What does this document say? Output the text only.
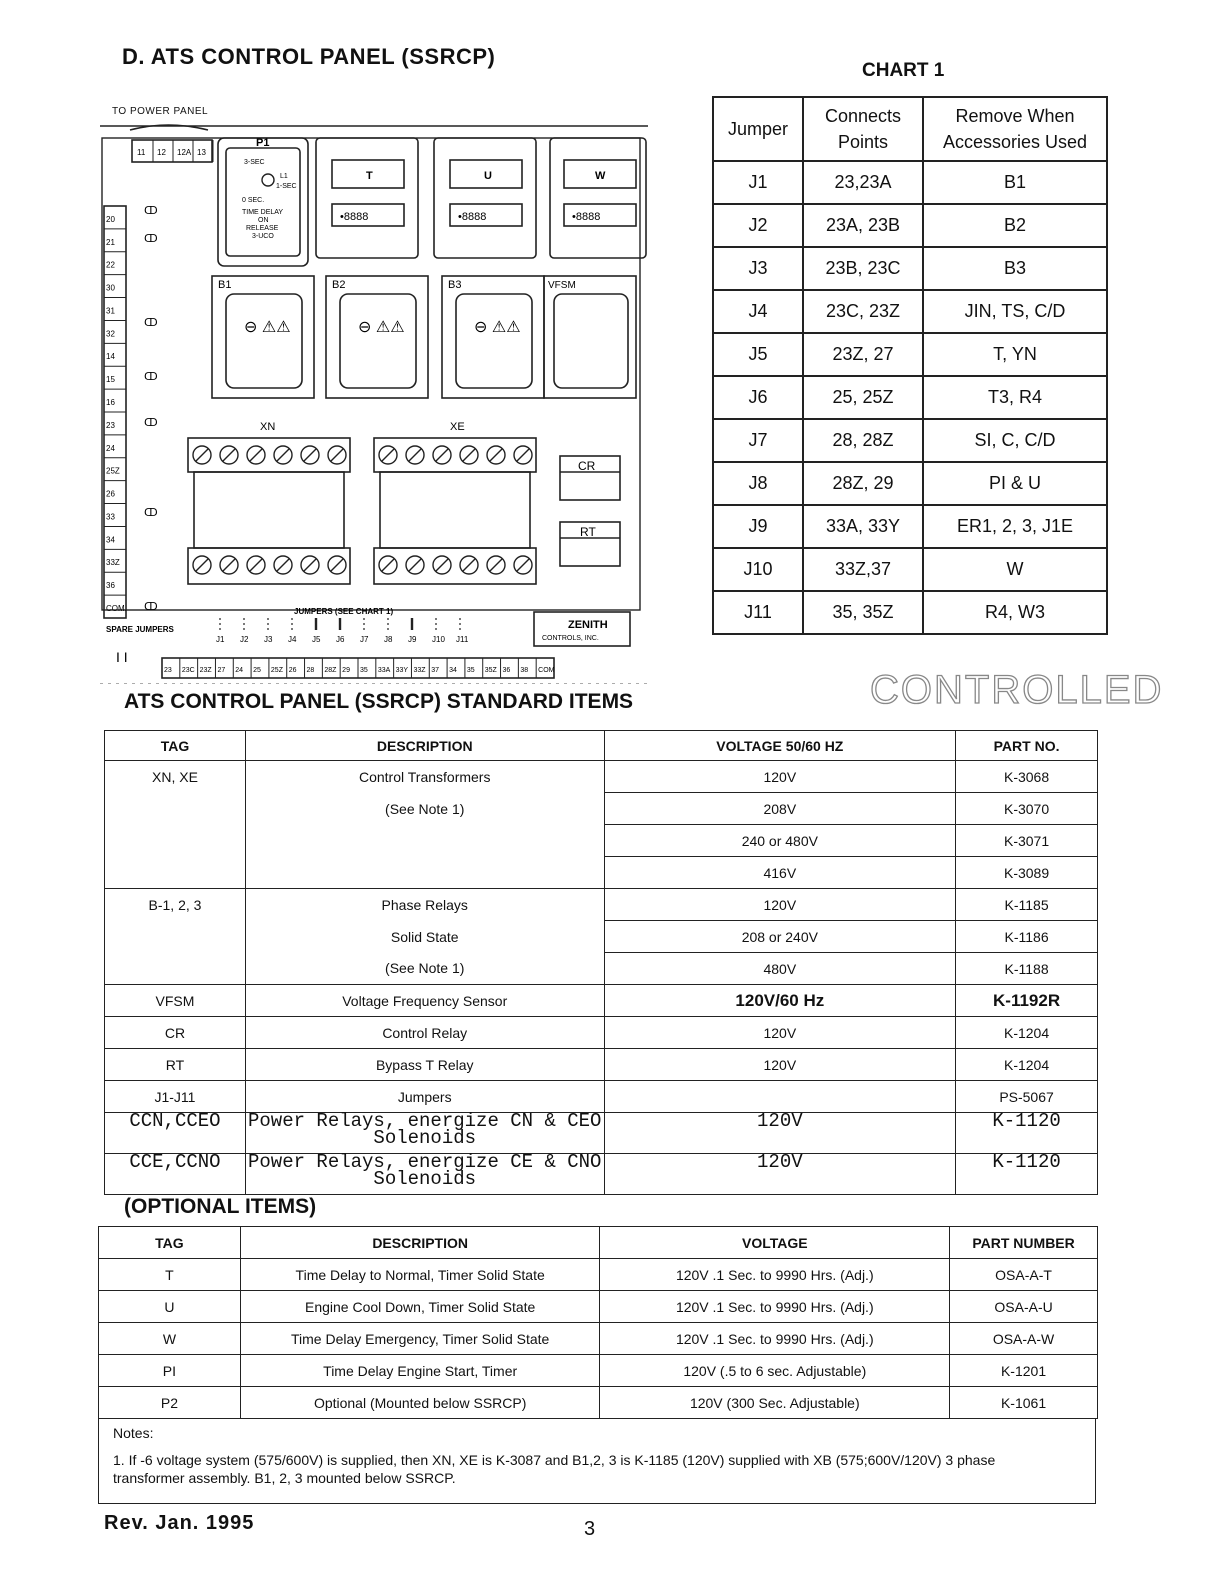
D. ATS CONTROL PANEL (SSRCP)
CHART 1
TO POWER PANEL
11 12 12A 13
20
21
22
30
31
32
14
15
16
23
24
25Z
26
33
34
33Z
36
COM.
ↀ
ↀ
ↀ
ↀ
ↀ
ↀ
ↀ
23 23C 23Z 27 24 25 25Z 26 28 28Z 29 35 33A 33Y 33Z 37 34 35 35Z 36 38 COM
J1 J2 J3 J4 J5 J6 J7 J8 J9 J10 J11
P1
3-SEC
L1
1-SEC
0 SEC.
TIME DELAY
ON
RELEASE
3-UCO
T	U	W
•8888	•8888	•8888
B1	B2	B3	VFSM
⊖ ⚠⚠	⊖ ⚠⚠	⊖ ⚠⚠
XN	XE
CR
RT
JUMPERS (SEE CHART 1)
SPARE JUMPERS
I I
ZENITH
CONTROLS, INC.
Jumper	Connects Points	Remove When Accessories Used
J1	23,23A	B1
J2	23A, 23B	B2
J3	23B, 23C	B3
J4	23C, 23Z	JIN, TS, C/D
J5	23Z, 27	T, YN
J6	25, 25Z	T3, R4
J7	28, 28Z	SI, C, C/D
J8	28Z, 29	PI & U
J9	33A, 33Y	ER1, 2, 3, J1E
J10	33Z,37	W
J11	35, 35Z	R4, W3
CONTROLLED
ATS CONTROL PANEL (SSRCP) STANDARD ITEMS
TAG	DESCRIPTION	VOLTAGE 50/60 HZ	PART NO.
XN, XE	Control Transformers	120V	K-3068
	(See Note 1)	208V	K-3070
		240 or 480V	K-3071
		416V	K-3089
B-1, 2, 3	Phase Relays	120V	K-1185
	Solid State	208 or 240V	K-1186
	(See Note 1)	480V	K-1188
VFSM	Voltage Frequency Sensor	120V/60 Hz	K-1192R
CR	Control Relay	120V	K-1204
RT	Bypass T Relay	120V	K-1204
J1-J11	Jumpers		PS-5067
CCN,CCEO	Power Relays, energize CN & CEO Solenoids	120V	K-1120
CCE,CCNO	Power Relays, energize CE & CNO Solenoids	120V	K-1120
(OPTIONAL ITEMS)
TAG	DESCRIPTION	VOLTAGE	PART NUMBER
T	Time Delay to Normal, Timer Solid State	120V .1 Sec. to 9990 Hrs. (Adj.)	OSA-A-T
U	Engine Cool Down, Timer Solid State	120V .1 Sec. to 9990 Hrs. (Adj.)	OSA-A-U
W	Time Delay Emergency, Timer Solid State	120V .1 Sec. to 9990 Hrs. (Adj.)	OSA-A-W
PI	Time Delay Engine Start, Timer	120V (.5 to 6 sec. Adjustable)	K-1201
P2	Optional (Mounted below SSRCP)	120V (300 Sec. Adjustable)	K-1061
Notes:
1. If -6 voltage system (575/600V) is supplied, then XN, XE is K-3087 and B1,2, 3 is K-1185 (120V) supplied with XB (575;600V/120V) 3 phase transformer assembly. B1, 2, 3 mounted below SSRCP.
Rev. Jan. 1995	3
